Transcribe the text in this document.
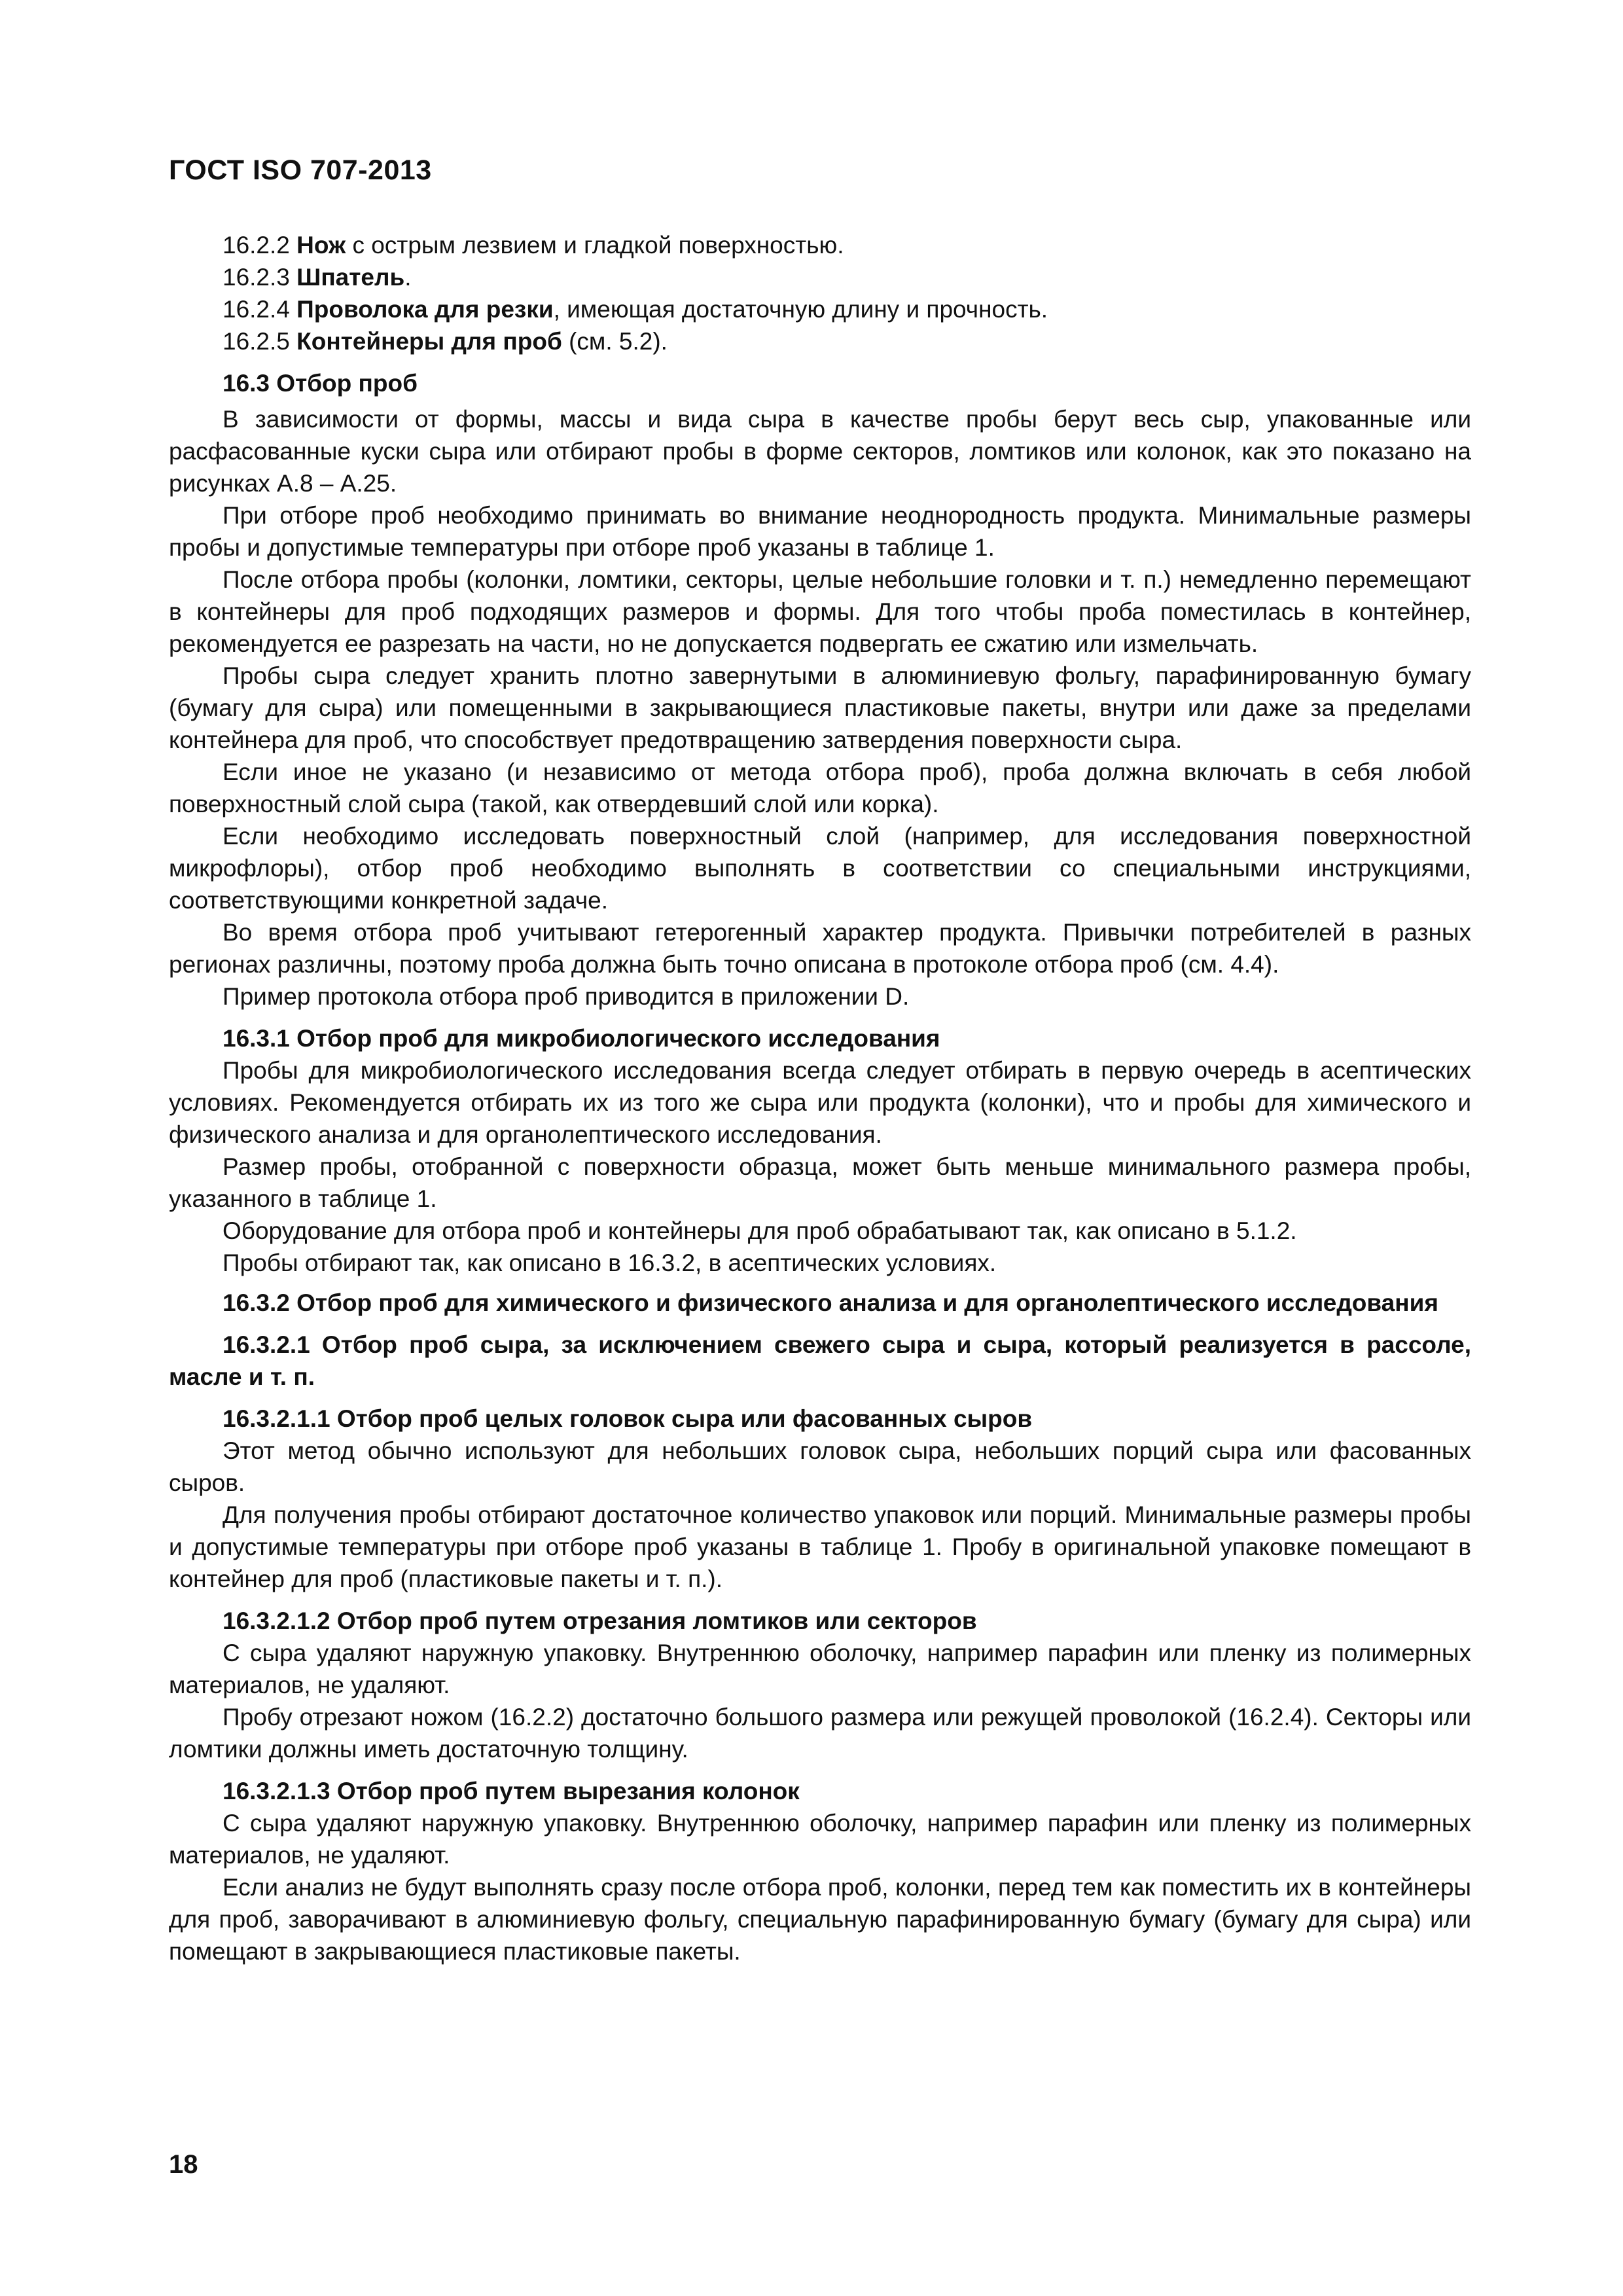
ГОСТ ISO 707-2013

16.2.2 Нож с острым лезвием и гладкой поверхностью.

16.2.3 Шпатель.

16.2.4 Проволока для резки, имеющая достаточную длину и прочность.

16.2.5 Контейнеры для проб (см. 5.2).

16.3 Отбор проб

В зависимости от формы, массы и вида сыра в качестве пробы берут весь сыр, упакованные или расфасованные куски сыра или отбирают пробы в форме секторов, ломтиков или колонок, как это показано на рисунках А.8 – А.25.

При отборе проб необходимо принимать во внимание неоднородность продукта. Минимальные размеры пробы и допустимые температуры при отборе проб указаны в таблице 1.

После отбора пробы (колонки, ломтики, секторы, целые небольшие головки и т. п.) немедленно перемещают в контейнеры для проб подходящих размеров и формы. Для того чтобы проба поместилась в контейнер, рекомендуется ее разрезать на части, но не допускается подвергать ее сжатию или измельчать.

Пробы сыра следует хранить плотно завернутыми в алюминиевую фольгу, парафинированную бумагу (бумагу для сыра) или помещенными в закрывающиеся пластиковые пакеты, внутри или даже за пределами контейнера для проб, что способствует предотвращению затвердения поверхности сыра.

Если иное не указано (и независимо от метода отбора проб), проба должна включать в себя любой поверхностный слой сыра (такой, как отвердевший слой или корка).

Если необходимо исследовать поверхностный слой (например, для исследования поверхностной микрофлоры), отбор проб необходимо выполнять в соответствии со специальными инструкциями, соответствующими конкретной задаче.

Во время отбора проб учитывают гетерогенный характер продукта. Привычки потребителей в разных регионах различны, поэтому проба должна быть точно описана в протоколе отбора проб (см. 4.4).

Пример протокола отбора проб приводится в приложении D.

16.3.1 Отбор проб для микробиологического исследования

Пробы для микробиологического исследования всегда следует отбирать в первую очередь в асептических условиях. Рекомендуется отбирать их из того же сыра или продукта (колонки), что и пробы для химического и физического анализа и для органолептического исследования.

Размер пробы, отобранной с поверхности образца, может быть меньше минимального размера пробы, указанного в таблице 1.

Оборудование для отбора проб и контейнеры для проб обрабатывают так, как описано в 5.1.2.

Пробы отбирают так, как описано в 16.3.2, в асептических условиях.

16.3.2 Отбор проб для химического и физического анализа и для органолептического исследования

16.3.2.1 Отбор проб сыра, за исключением свежего сыра и сыра, который реализуется в рассоле, масле и т. п.

16.3.2.1.1 Отбор проб целых головок сыра или фасованных сыров

Этот метод обычно используют для небольших головок сыра, небольших порций сыра или фасованных сыров.

Для получения пробы отбирают достаточное количество упаковок или порций. Минимальные размеры пробы и допустимые температуры при отборе проб указаны в таблице 1. Пробу в оригинальной упаковке помещают в контейнер для проб (пластиковые пакеты и т. п.).

16.3.2.1.2 Отбор проб путем отрезания ломтиков или секторов

С сыра удаляют наружную упаковку. Внутреннюю оболочку, например парафин или пленку из полимерных материалов, не удаляют.

Пробу отрезают ножом (16.2.2) достаточно большого размера или режущей проволокой (16.2.4). Секторы или ломтики должны иметь достаточную толщину.

16.3.2.1.3 Отбор проб путем вырезания колонок

С сыра удаляют наружную упаковку. Внутреннюю оболочку, например парафин или пленку из полимерных материалов, не удаляют.

Если анализ не будут выполнять сразу после отбора проб, колонки, перед тем как поместить их в контейнеры для проб, заворачивают в алюминиевую фольгу, специальную парафинированную бумагу (бумагу для сыра) или помещают в закрывающиеся пластиковые пакеты.

18
